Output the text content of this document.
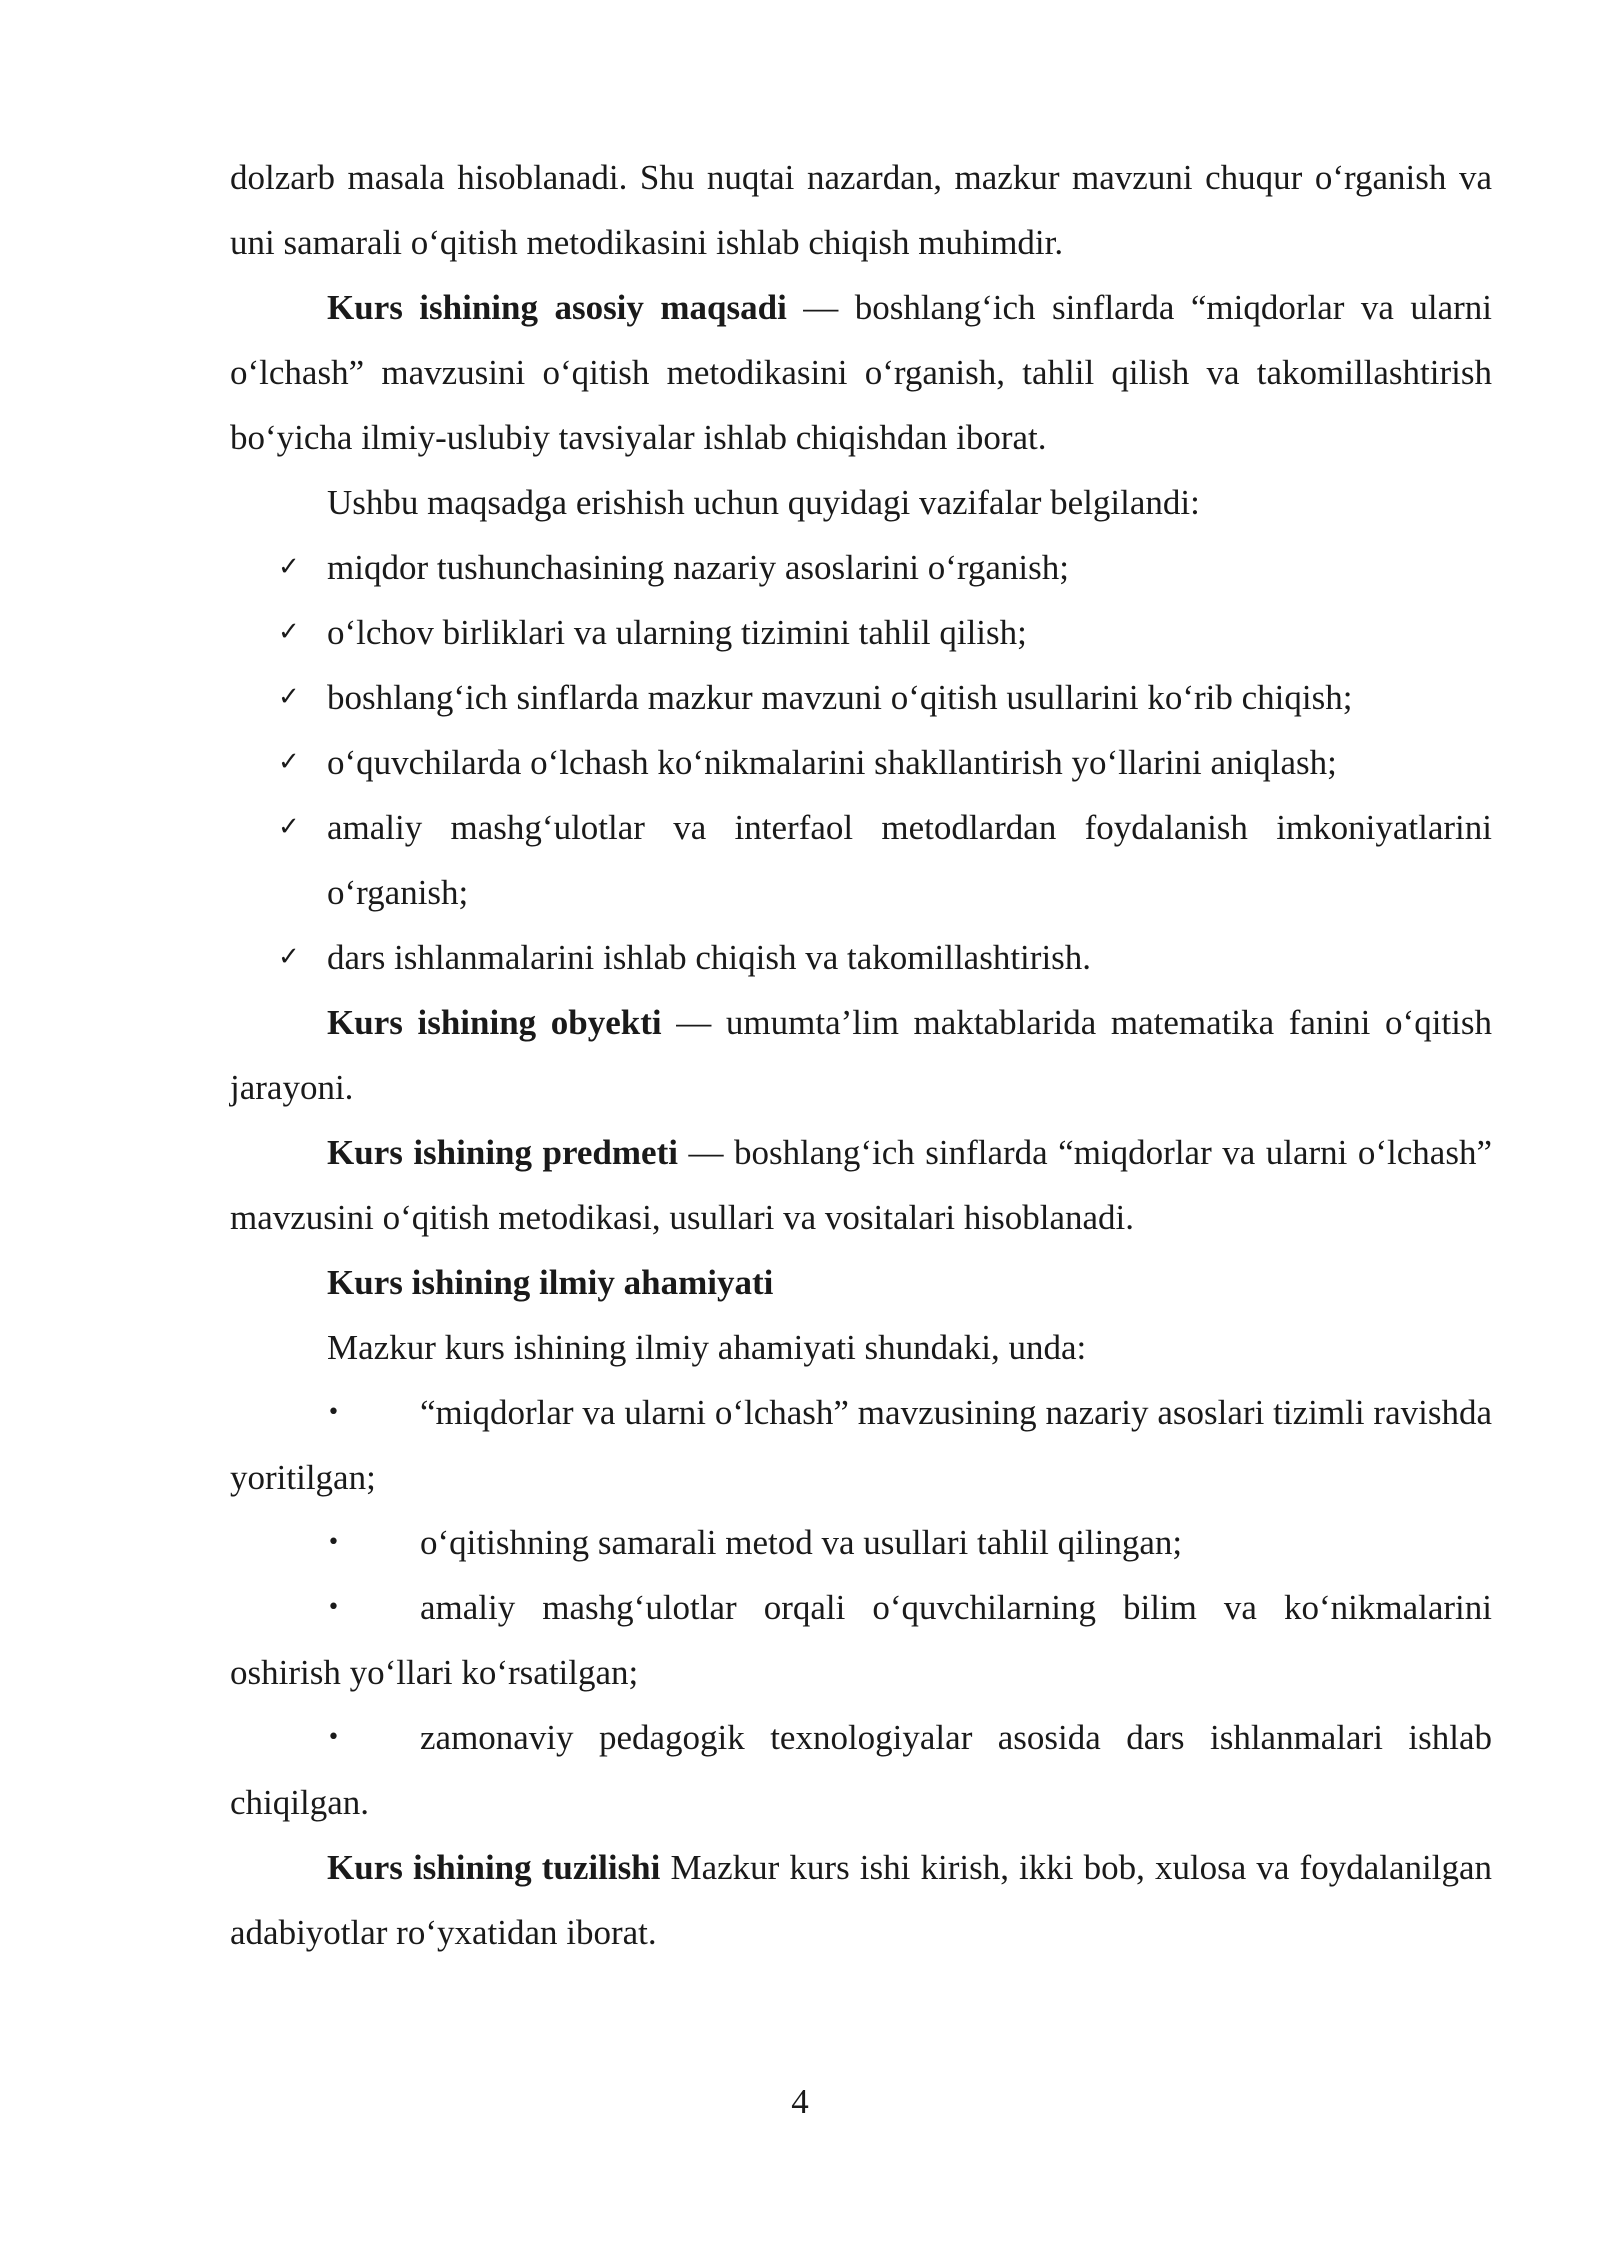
dolzarb masala hisoblanadi. Shu nuqtai nazardan, mazkur mavzuni chuqur o‘rganish va uni samarali o‘qitish metodikasini ishlab chiqish muhimdir.

Kurs ishining asosiy maqsadi — boshlang‘ich sinflarda “miqdorlar va ularni o‘lchash” mavzusini o‘qitish metodikasini o‘rganish, tahlil qilish va takomillashtirish bo‘yicha ilmiy-uslubiy tavsiyalar ishlab chiqishdan iborat.

Ushbu maqsadga erishish uchun quyidagi vazifalar belgilandi:

✓ miqdor tushunchasining nazariy asoslarini o‘rganish;
✓ o‘lchov birliklari va ularning tizimini tahlil qilish;
✓ boshlang‘ich sinflarda mazkur mavzuni o‘qitish usullarini ko‘rib chiqish;
✓ o‘quvchilarda o‘lchash ko‘nikmalarini shakllantirish yo‘llarini aniqlash;
✓ amaliy mashg‘ulotlar va interfaol metodlardan foydalanish imkoniyatlarini o‘rganish;
✓ dars ishlanmalarini ishlab chiqish va takomillashtirish.

Kurs ishining obyekti — umumta’lim maktablarida matematika fanini o‘qitish jarayoni.

Kurs ishining predmeti — boshlang‘ich sinflarda “miqdorlar va ularni o‘lchash” mavzusini o‘qitish metodikasi, usullari va vositalari hisoblanadi.

Kurs ishining ilmiy ahamiyati

Mazkur kurs ishining ilmiy ahamiyati shundaki, unda:

• “miqdorlar va ularni o‘lchash” mavzusining nazariy asoslari tizimli ravishda yoritilgan;

• o‘qitishning samarali metod va usullari tahlil qilingan;

• amaliy mashg‘ulotlar orqali o‘quvchilarning bilim va ko‘nikmalarini oshirish yo‘llari ko‘rsatilgan;

• zamonaviy pedagogik texnologiyalar asosida dars ishlanmalari ishlab chiqilgan.

Kurs ishining tuzilishi Mazkur kurs ishi kirish, ikki bob, xulosa va foydalanilgan adabiyotlar ro‘yxatidan iborat.

4
